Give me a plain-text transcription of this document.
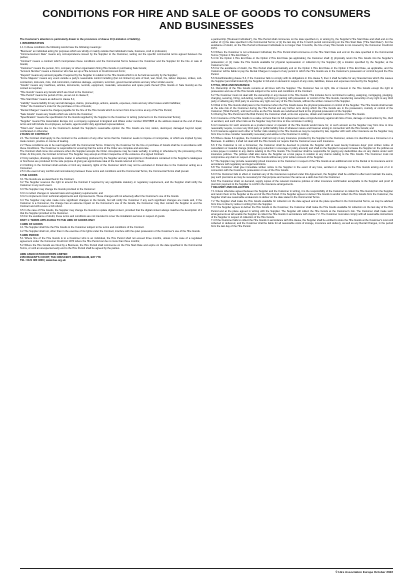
CONDITIONS FOR HIRE AND SALE OF GOODS TO CONSUMERS AND BUSINESSES

The Customer's attention is particularly drawn to the provisions of clause 10 (Limitation of liability).

1 INTERPRETATION

1.1 In these conditions the following words have the following meanings:

"Business" an individual acting for purposes which are wholly or mainly outside that individual's trade, business, craft or profession;

"Commencement Date" means any correspondence issued by the Supplier to the Customer, setting out the specific commercial terms agreed between the parties;

"Contract" means a contract which incorporates these conditions and the Commercial Terms between the Customer and the Supplier for the hire or sale of Goods;

"Customer" means the person, firm, company or other organisation hiring Hire Goods or purchasing Sale Goods;

"Account Number" means a Customer who has set up a Hire Account or Credit Account Form;

"Deposit" means any amount payable if required by the Supplier in relation to the Hire Goods which is to be held as security by the Supplier;

"Force Majeure" means any event outside a party's reasonable control including (but not limited to) acts of God, war, flood, fire, labour disputes, strikes, sub-contractors, lock-outs, riots, civil commotion, malicious damage, explosion, terrorism, governmental actions and any other similar events;

"Goods" means any machines, articles, documents, records, equipment, materials, accessories and spare parts thereof (Hire Goods or Sale Goods) as the context so requires;

"Hire Goods" means any Goods which are hired to the Customer;

"Hire Period" means the period of hire, as set out in clause 6;

"Hire Start Date" means as defined in clause 6.1;

"Liability" means liability for any and all damages, claims, proceedings, actions, awards, expenses, costs and any other losses and/or liabilities;

"Order" the Customer's order for the purchase or hire of Goods;

"Rental Charges" means the charges payable for the hire of the Hire Goods which is current from time to time at any of the Hire Period;

"Sale Goods" means any Goods which are sold to the Customer;

"Specification" means the specification for the Goods supplied by the Supplier to the Customer in writing (referred to in the Commercial Terms);

"Supplier" means Hire Association Europe Ltd, a company registered in England and Wales under number 08176885 at the address stated at the end of these terms and will include its employees, servants, agents and/or duly appointed representatives;

"Total Loss" means due to the Customer's default the Supplier's reasonable opinion the Hire Goods are lost, stolen, destroyed, damaged beyond repair, confiscated or otherwise;

2 BASIS OF CONTRACT

2.1 The Contract shall apply to the contract to the exclusion of any other terms that the Customer seeks to impose or incorporate, or which are implied by law, trade custom, practice or course of dealing.

2.2 These conditions are to be read together with the Commercial Terms. Orders by the Customer for the hire or purchase of Goods shall be in accordance with these Conditions. The Customer is responsible for ensuring that the terms of the Order are complete and accurate.

The Contract shall come into existence when the Supplier accepts the Order. Acceptance may be made verbally, in writing or otherwise by the processing of the Order. At this point, the Contract is formed. The Supplier may accept an Order irrespective of the existence of a signed Contract.

2.3 Any samples, drawings, descriptive matter or advertising produced by the Supplier and any descriptions or illustrations contained in the Supplier's catalogues or brochures are produced for the sole purpose of giving an approximate idea of the Goods referred to in them.

2.4 Nothing in the Contract shall exclude or limit any statutory rights of the Customer which may not be excluded or limited due to the Customer acting as a Consumer.

2.5 In the event of any conflict and inconsistency between these terms and conditions and the Commercial Terms, the Commercial Terms shall prevail.

3 THE GOODS

3.1 The Goods are as described in the Contract.

3.2 The Supplier reserves the right to amend the Contract if required by any applicable statutory or regulatory requirement, and the Supplier shall notify the Customer in any such event.

3.3 The Supplier may change the Goods provided to the Customer:

3.3.1 to reflect changes in relevant laws and regulatory requirements; and

3.3.2 to implement minor technical adjustments and improvements. These changes will not adversely affect the Customer's use of the Goods.

3.4 The Supplier may also make more significant changes to the Goods, but will notify the Customer if any such significant changes are made and, if the Customer is a Consumer, the change has an adverse impact on the Consumer's use of the Goods, the Consumer may then contact the Supplier to end the Contract and will receive a full refund.

3.5 In the case of Hire Goods, the Supplier may change the Goods to update digital content, provided that the digital content always matches the description of it that the Supplier provided to the Customer.

3.6 For the avoidance of doubt, these terms and conditions are not intended to cover the installation services in respect of goods.

PART 1: TERMS APPLICABLE TO THE HIRE OF GOODS ONLY

4 HIRE OF GOODS

4.1 The Supplier shall hire the Hire Goods to the Customer subject to the terms and conditions of the Contract.

4.2 The Supplier shall not, other than in the exercise of its rights under the Contract, interfere with the quiet possession of the Customer's use of the Hire Goods.

5 HIRE PERIOD

5.1 Where hire of the Hire Goods is to a Customer who is an individual, the Hire Period shall not exceed three months, unless in the case of a regulated agreement under the Consumer Credit Act 1974 where the Hire Period can be no more than three months;

5.2 Where the Hire Goods are hired by a Business, the Hire Period shall commence on the Hire Start Date and expire on the date specified in the Commercial Terms, or until an unexpected early end to the Hire Period shall be agreed by the parties.

HIRE ASSOCIATION EUROPE LIMITED
2450 REGENT'S COURT, THE CRESCENT, BIRMINGHAM, B37 7YE
TEL: 0121 380 4600 | www.hae.org.uk

a partnership ("Relevant Individual"), the Hire Period shall commence on the date specified on, or arising by, the Supplier's Hire Start Date and shall end on the earlier of: (i) the date specified in the Commercial Terms; or (ii) the last day of the 3 month period commencing on the Hire Start Date ("Hire Start Date"). For the avoidance of doubt, on the Hire Period to Relevant Individuals is no longer than 3 months, the hire of any Hire Goods is not covered by the Consumer Credit Act 1974.

5.3 Where the Customer is not a Relevant Individual, the Hire Period shall commence on the Hire Start Date and end on the date specified in the Commercial Terms ("Option 2 Hire End Date").

5.4 On the Option 1 Hire End Date or the Option 2 Hire End Date (as applicable), the Customer shall: (i) physically return the Hire Goods into the Supplier's possession; or (ii) make the Hire Goods available for physical repossession or collection by the Supplier; (iii) a location specified by the Supplier, at the Customer's risk.

5.5 For the avoidance of doubt, the Hire Period shall automatically end on the Option 1 Hire End Date or the Option 2 Hire End Date, as applicable, and the Customer will be liable to pay the Rental Charges in respect of any period in which the Hire Goods are in the Customer's possession or control beyond the Hire Period.

5.6 Notwithstanding clause 5.4, if the Customer fails to comply with its obligations in this clause 5, then it shall be liable for any financial loss which this causes the Supplier (and shall indemnify the Supplier in full and on demand in respect of any costs, liabilities, losses and expenses incurred by the Supplier).

6 TITLE, RISK AND INSURANCE

6.1 Ownership of the Hire Goods remains at all times with the Supplier. The Customer has no right, title or interest in the Hire Goods except the right to possession and use of the Hire Goods subject to the terms and conditions of the Contract.

6.2 The Customer must not deal with the ownership or any interest in the Hire Goods. This includes but is not limited to selling, assigning, mortgaging, pledging, charging, securing, hiring, sub-letting, lending, sub-hiring or parting with possession or control of the Hire Goods, transferring ownership of any right to any third party or allowing any third party to exercise any right over any of the Hire Goods, without the written consent of the Supplier.

6.3 Risk in the Hire Goods shall pass to the Customer when the Hire Goods leave the physical possession or control of the Supplier. The Hire Goods shall remain at the sole risk of the Customer during the Hire Period and any further term during which the Hire Goods are in the possession, custody or control of the Customer ("Risk Period"), until such a time as the Hire Goods are redelivered back to the physical possession of the Supplier.

6.4 During the Hire Period and the Risk Period, the Customer shall, at its own expense, obtain and maintain insurance of the Hire Goods.

6.4.1 Insurance of the Hire Goods to a value not less than its full replacement value comprehensively against all risks of loss, damage or destruction by fire, theft or accident, and such other risks as the Supplier may from time to time nominate in writing;

6.4.2 insurance for such amounts as a prudent owner or operator of the Hire Goods would insure for, or such amount as the Supplier may from time to time reasonably require, to cover any third party or public liability risks of whatever nature and however arising in connection with the Hire Goods; and

6.4.3 insurance against such other or further risks relating to the Hire Goods as may be required by law, together with such other insurance as the Supplier may from time to time consider reasonably necessary and advise to the Customer in writing.

6.5 Where clause 6.4 applies, the Customer shall not rely on any insurance provided by the Supplier to the Customer, unless it is identified as a Consumer or a Business. In addition, it shall not deal with the Hire Goods nor require that the Customer uses such insurance.

6.6 If the Customer is not a Consumer, the Customer shall be deemed to provide the Supplier with at least twenty business days' prior written notice of cancellation or material change (including any reduction in coverage or policy amount) and shall on the Supplier's request increase the Supplier on the policies as a loss payee in relation to any claims relating to the Hire Goods. The Customer shall be responsible for paying any deductibles due on any claims under such insurance policies. The policies shall also name the Supplier as a loss payee in relation to any claims relating to the Hire Goods. The Customer must not compromise any claim in respect of the Hire Goods without any prior written consent of the Supplier.

6.7 The Supplier may provide reasonably priced insurance to the Customer in respect of the Hire Goods at an additional cost to the Rental or its insurance and in accordance with regulatory and legal restrictions.

6.8 The Customer shall give immediate written notice to the Supplier in the event of any loss, accident or damage to the Hire Goods arising out of or in connection with the Customer's possession or use of the Hire Goods.

6.9 If the Customer fails to effect or maintain any of the insurances required under this Agreement, the Supplier shall be entitled to effect and maintain the same, pay such premiums as may be necessary for that purpose and recover the same as a debt due from the Customer.

6.10 The Customer shall, on demand, supply copies of the relevant insurance policies or other insurance confirmation acceptable to the Supplier and proof of premium payment to the Supplier to confirm the insurance arrangements.

7 DELIVERY AND COLLECTION

7.1 Unless otherwise agreed between the Supplier and the Customer in writing, it is the responsibility of the Customer to collect the Hire Goods from the Supplier and return them to the Supplier at the end of the Hire Period. If the Supplier agrees to deliver Hire Goods to and/or collect the Hire Goods from the Customer, the Supplier shall use reasonable endeavours to deliver on the date stated in the Commercial Terms.

7.2 The Supplier shall make the Hire Goods available for collection on the date agreed and at the place specified in the Commercial Terms, as may be advised from time to time by notice in writing from the Supplier.

7.3 If the Supplier agrees to deliver the Hire Goods to the Customer, the Customer shall make the Hire Goods available for collection on the last day of the Hire Period and at the place agreed in writing with the Supplier. The Supplier will collect the Hire Goods at the Customer's risk. The Customer shall make such arrangements as will enable the Supplier to collect the Hire Goods in accordance with clause 7.2. The Customer must also comply with all reasonable instructions of the Supplier in respect of collection of the Hire Goods.

7.4 If the Customer fails to collect the Hire Goods in accordance with this clause, the Supplier shall be entitled to store the Hire Goods at the Customer's cost until collected or delivered, and the Customer shall be liable for all reasonable costs of storage, insurance and delivery, as well as any Rental Charges, in the period from the last day of the Hire Period.

© Hire Association Europe October 2022
